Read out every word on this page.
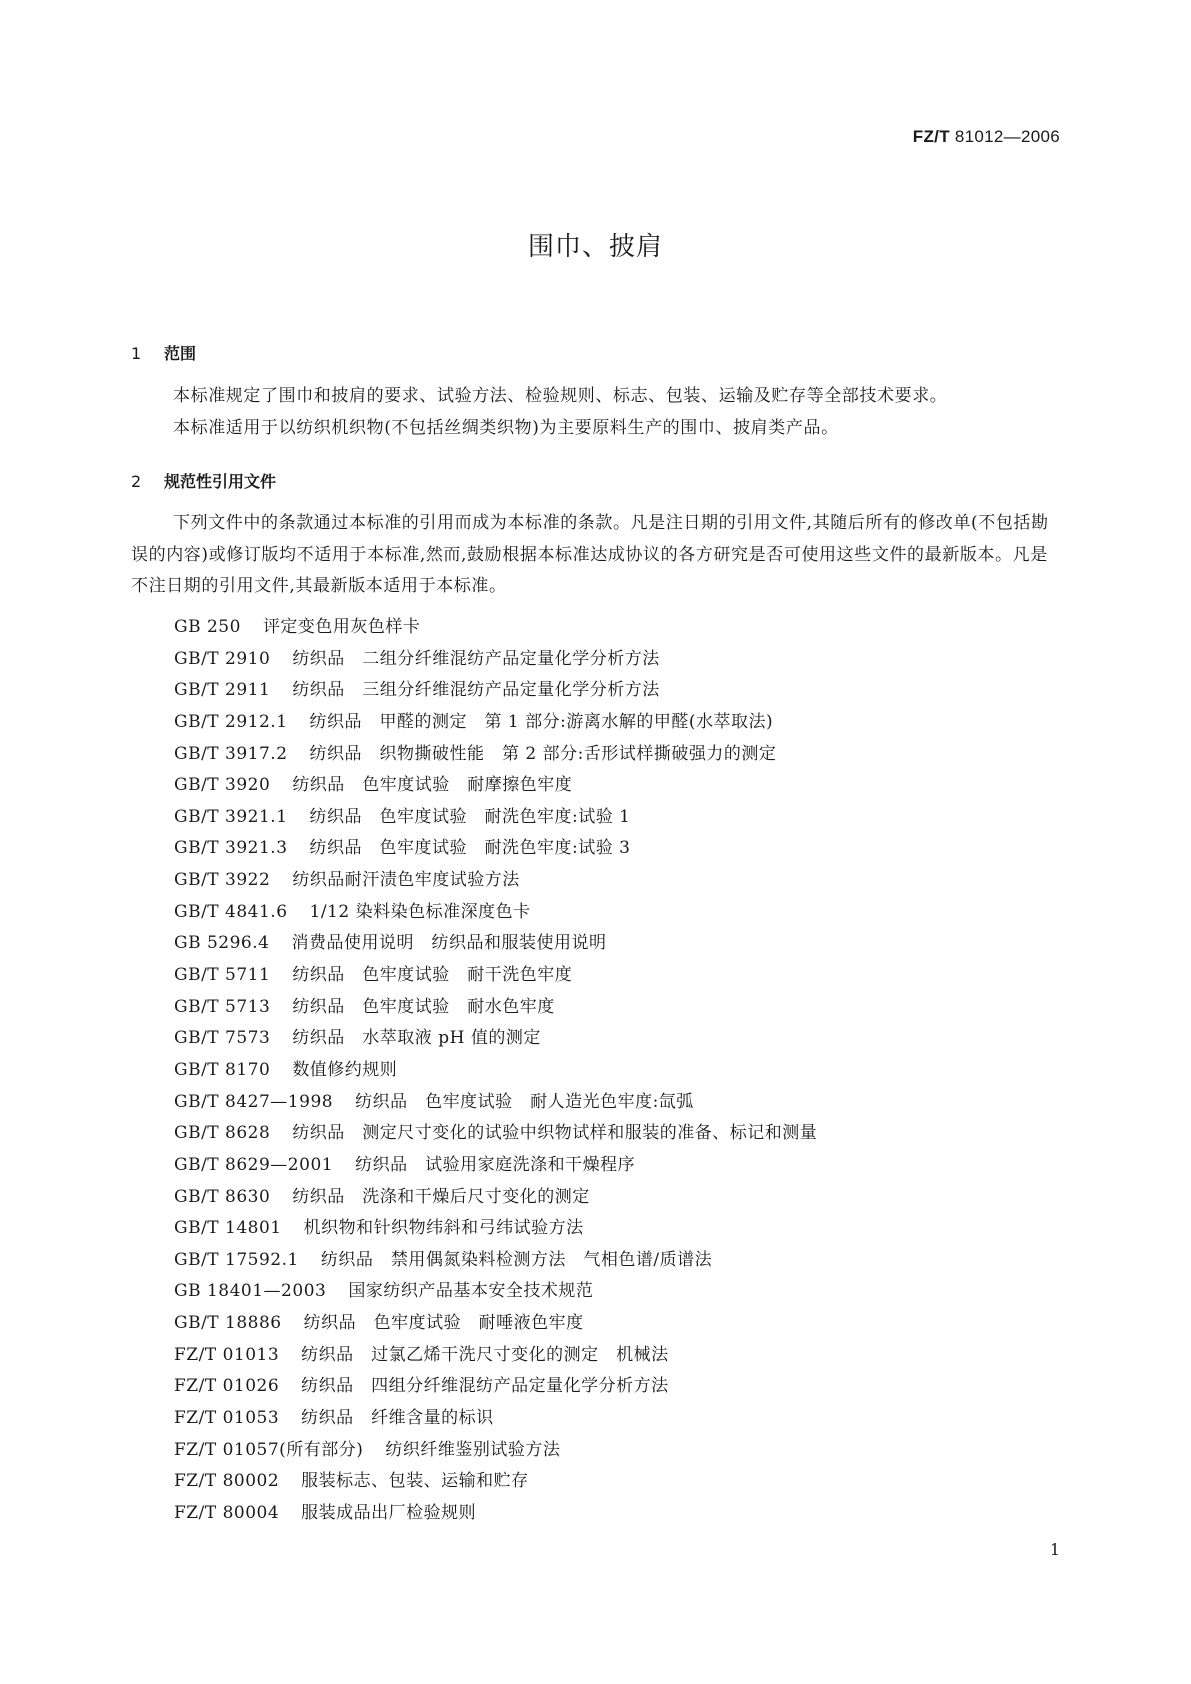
FZ/T 81012—2006
围巾、披肩
1 范围
本标准规定了围巾和披肩的要求、试验方法、检验规则、标志、包装、运输及贮存等全部技术要求。
本标准适用于以纺织机织物(不包括丝绸类织物)为主要原料生产的围巾、披肩类产品。
2 规范性引用文件
下列文件中的条款通过本标准的引用而成为本标准的条款。凡是注日期的引用文件,其随后所有的修改单(不包括勘误的内容)或修订版均不适用于本标准,然而,鼓励根据本标准达成协议的各方研究是否可使用这些文件的最新版本。凡是不注日期的引用文件,其最新版本适用于本标准。
GB 250 评定变色用灰色样卡
GB/T 2910 纺织品　二组分纤维混纺产品定量化学分析方法
GB/T 2911 纺织品　三组分纤维混纺产品定量化学分析方法
GB/T 2912.1 纺织品　甲醛的测定　第 1 部分:游离水解的甲醛(水萃取法)
GB/T 3917.2 纺织品　织物撕破性能　第 2 部分:舌形试样撕破强力的测定
GB/T 3920 纺织品　色牢度试验　耐摩擦色牢度
GB/T 3921.1 纺织品　色牢度试验　耐洗色牢度:试验 1
GB/T 3921.3 纺织品　色牢度试验　耐洗色牢度:试验 3
GB/T 3922 纺织品耐汗渍色牢度试验方法
GB/T 4841.6 1/12 染料染色标准深度色卡
GB 5296.4 消费品使用说明　纺织品和服装使用说明
GB/T 5711 纺织品　色牢度试验　耐干洗色牢度
GB/T 5713 纺织品　色牢度试验　耐水色牢度
GB/T 7573 纺织品　水萃取液 pH 值的测定
GB/T 8170 数值修约规则
GB/T 8427—1998 纺织品　色牢度试验　耐人造光色牢度:氙弧
GB/T 8628 纺织品　测定尺寸变化的试验中织物试样和服装的准备、标记和测量
GB/T 8629—2001 纺织品　试验用家庭洗涤和干燥程序
GB/T 8630 纺织品　洗涤和干燥后尺寸变化的测定
GB/T 14801 机织物和针织物纬斜和弓纬试验方法
GB/T 17592.1 纺织品　禁用偶氮染料检测方法　气相色谱/质谱法
GB 18401—2003 国家纺织产品基本安全技术规范
GB/T 18886 纺织品　色牢度试验　耐唾液色牢度
FZ/T 01013 纺织品　过氯乙烯干洗尺寸变化的测定　机械法
FZ/T 01026 纺织品　四组分纤维混纺产品定量化学分析方法
FZ/T 01053 纺织品　纤维含量的标识
FZ/T 01057(所有部分) 纺织纤维鉴别试验方法
FZ/T 80002 服装标志、包装、运输和贮存
FZ/T 80004 服装成品出厂检验规则
1
